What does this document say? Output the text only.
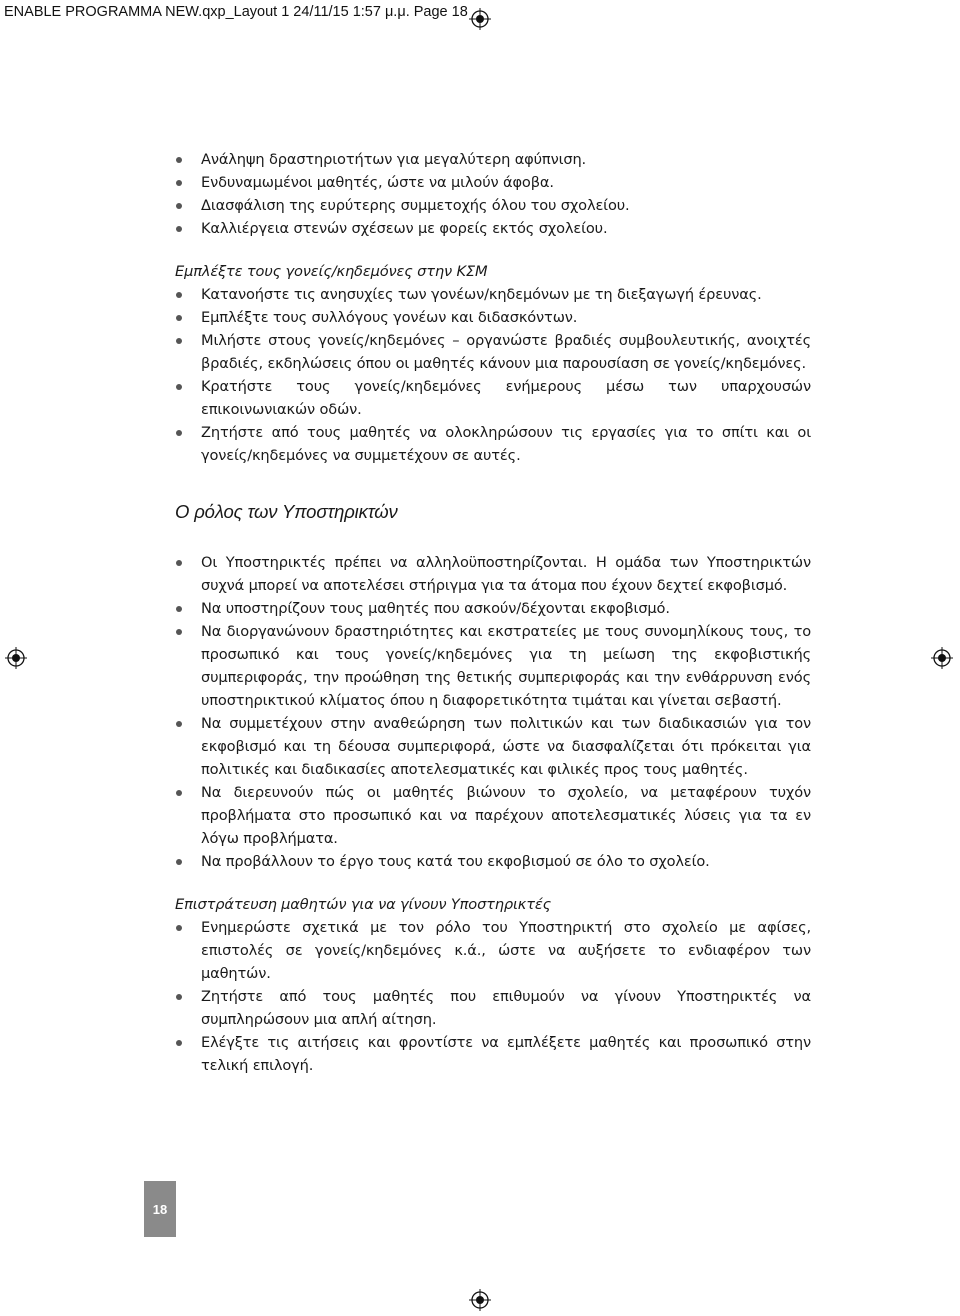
ENABLE PROGRAMMA NEW.qxp_Layout 1 24/11/15 1:57 μ.μ. Page 18
Ανάληψη δραστηριοτήτων για μεγαλύτερη αφύπνιση.
Ενδυναμωμένοι μαθητές, ώστε να μιλούν άφοβα.
Διασφάλιση της ευρύτερης συμμετοχής όλου του σχολείου.
Καλλιέργεια στενών σχέσεων με φορείς εκτός σχολείου.

Εμπλέξτε τους γονείς/κηδεμόνες στην ΚΣΜ

Κατανοήστε τις ανησυχίες των γονέων/κηδεμόνων με τη διεξαγωγή έρευνας.
Εμπλέξτε τους συλλόγους γονέων και διδασκόντων.
Μιλήστε στους γονείς/κηδεμόνες – οργανώστε βραδιές συμβουλευτικής, ανοιχτές βραδιές, εκδηλώσεις όπου οι μαθητές κάνουν μια παρουσίαση σε γονείς/κηδεμόνες.
Κρατήστε τους γονείς/κηδεμόνες ενήμερους μέσω των υπαρχουσών επικοινωνιακών οδών.
Ζητήστε από τους μαθητές να ολοκληρώσουν τις εργασίες για το σπίτι και οι γονείς/κηδεμόνες να συμμετέχουν σε αυτές.

Ο ρόλος των Υποστηρικτών

Οι Υποστηρικτές πρέπει να αλληλοϋποστηρίζονται. Η ομάδα των Υποστηρικτών συχνά μπορεί να αποτελέσει στήριγμα για τα άτομα που έχουν δεχτεί εκφοβισμό.
Να υποστηρίζουν τους μαθητές που ασκούν/δέχονται εκφοβισμό.
Να διοργανώνουν δραστηριότητες και εκστρατείες με τους συνομηλίκους τους, το προσωπικό και τους γονείς/κηδεμόνες για τη μείωση της εκφοβιστικής συμπεριφοράς, την προώθηση της θετικής συμπεριφοράς και την ενθάρρυνση ενός υποστηρικτικού κλίματος όπου η διαφορετικότητα τιμάται και γίνεται σεβαστή.
Να συμμετέχουν στην αναθεώρηση των πολιτικών και των διαδικασιών για τον εκφοβισμό και τη δέουσα συμπεριφορά, ώστε να διασφαλίζεται ότι πρόκειται για πολιτικές και διαδικασίες αποτελεσματικές και φιλικές προς τους μαθητές.
Να διερευνούν πώς οι μαθητές βιώνουν το σχολείο, να μεταφέρουν τυχόν προβλήματα στο προσωπικό και να παρέχουν αποτελεσματικές λύσεις για τα εν λόγω προβλήματα.
Να προβάλλουν το έργο τους κατά του εκφοβισμού σε όλο το σχολείο.

Επιστράτευση μαθητών για να γίνουν Υποστηρικτές

Ενημερώστε σχετικά με τον ρόλο του Υποστηρικτή στο σχολείο με αφίσες, επιστολές σε γονείς/κηδεμόνες κ.ά., ώστε να αυξήσετε το ενδιαφέρον των μαθητών.
Ζητήστε από τους μαθητές που επιθυμούν να γίνουν Υποστηρικτές να συμπληρώσουν μια απλή αίτηση.
Ελέγξτε τις αιτήσεις και φροντίστε να εμπλέξετε μαθητές και προσωπικό στην τελική επιλογή.
18
